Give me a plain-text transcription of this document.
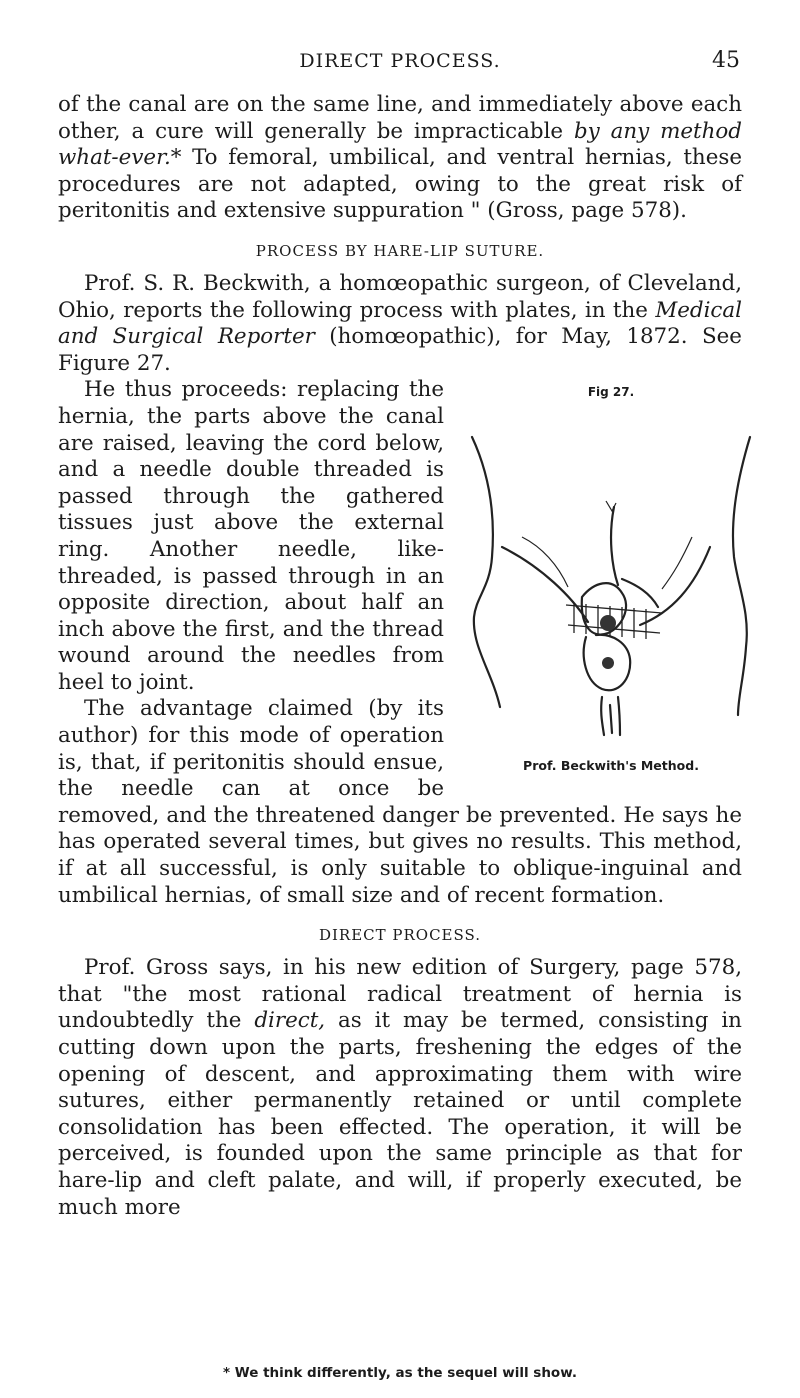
DIRECT PROCESS.	45

of the canal are on the same line, and immediately above each other, a cure will generally be impracticable by any method what-ever.* To femoral, umbilical, and ventral hernias, these procedures are not adapted, owing to the great risk of peritonitis and extensive suppuration " (Gross, page 578).

PROCESS BY HARE-LIP SUTURE.

Prof. S. R. Beckwith, a homœopathic surgeon, of Cleveland, Ohio, reports the following process with plates, in the Medical and Surgical Reporter (homœopathic), for May, 1872. See Figure 27.

Fig 27.
Prof. Beckwith's Method.

He thus proceeds: replacing the hernia, the parts above the canal are raised, leaving the cord below, and a needle double threaded is passed through the gathered tissues just above the external ring. Another needle, like-threaded, is passed through in an opposite direction, about half an inch above the first, and the thread wound around the needles from heel to joint.

The advantage claimed (by its author) for this mode of operation is, that, if peritonitis should ensue, the needle can at once be removed, and the threatened danger be prevented. He says he has operated several times, but gives no results. This method, if at all successful, is only suitable to oblique-inguinal and umbilical hernias, of small size and of recent formation.

DIRECT PROCESS.

Prof. Gross says, in his new edition of Surgery, page 578, that "the most rational radical treatment of hernia is undoubtedly the direct, as it may be termed, consisting in cutting down upon the parts, freshening the edges of the opening of descent, and approximating them with wire sutures, either permanently retained or until complete consolidation has been effected. The operation, it will be perceived, is founded upon the same principle as that for hare-lip and cleft palate, and will, if properly executed, be much more

* We think differently, as the sequel will show.
